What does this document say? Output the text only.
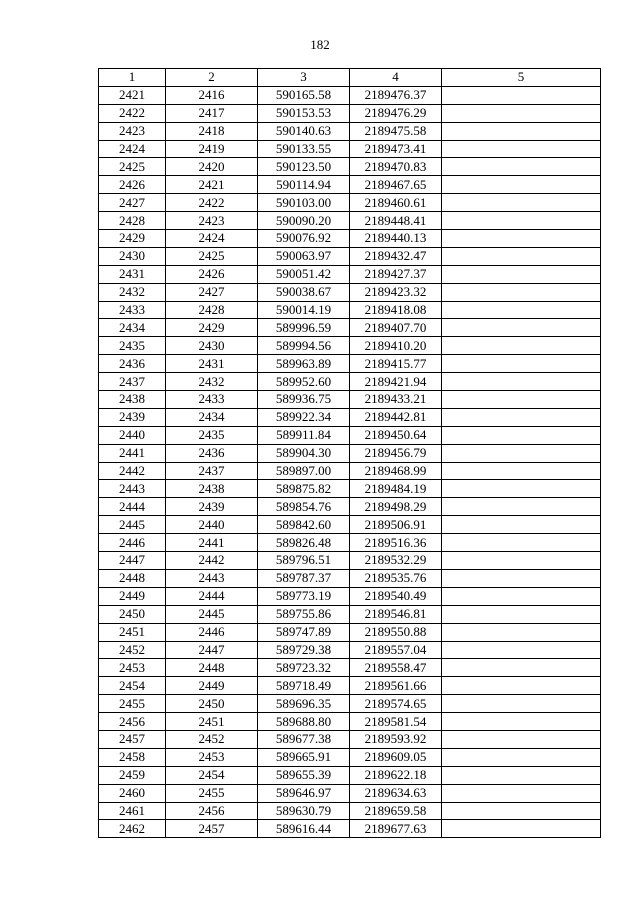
182
1	2	3	4	5
2421	2416	590165.58	2189476.37	
2422	2417	590153.53	2189476.29	
2423	2418	590140.63	2189475.58	
2424	2419	590133.55	2189473.41	
2425	2420	590123.50	2189470.83	
2426	2421	590114.94	2189467.65	
2427	2422	590103.00	2189460.61	
2428	2423	590090.20	2189448.41	
2429	2424	590076.92	2189440.13	
2430	2425	590063.97	2189432.47	
2431	2426	590051.42	2189427.37	
2432	2427	590038.67	2189423.32	
2433	2428	590014.19	2189418.08	
2434	2429	589996.59	2189407.70	
2435	2430	589994.56	2189410.20	
2436	2431	589963.89	2189415.77	
2437	2432	589952.60	2189421.94	
2438	2433	589936.75	2189433.21	
2439	2434	589922.34	2189442.81	
2440	2435	589911.84	2189450.64	
2441	2436	589904.30	2189456.79	
2442	2437	589897.00	2189468.99	
2443	2438	589875.82	2189484.19	
2444	2439	589854.76	2189498.29	
2445	2440	589842.60	2189506.91	
2446	2441	589826.48	2189516.36	
2447	2442	589796.51	2189532.29	
2448	2443	589787.37	2189535.76	
2449	2444	589773.19	2189540.49	
2450	2445	589755.86	2189546.81	
2451	2446	589747.89	2189550.88	
2452	2447	589729.38	2189557.04	
2453	2448	589723.32	2189558.47	
2454	2449	589718.49	2189561.66	
2455	2450	589696.35	2189574.65	
2456	2451	589688.80	2189581.54	
2457	2452	589677.38	2189593.92	
2458	2453	589665.91	2189609.05	
2459	2454	589655.39	2189622.18	
2460	2455	589646.97	2189634.63	
2461	2456	589630.79	2189659.58	
2462	2457	589616.44	2189677.63	
